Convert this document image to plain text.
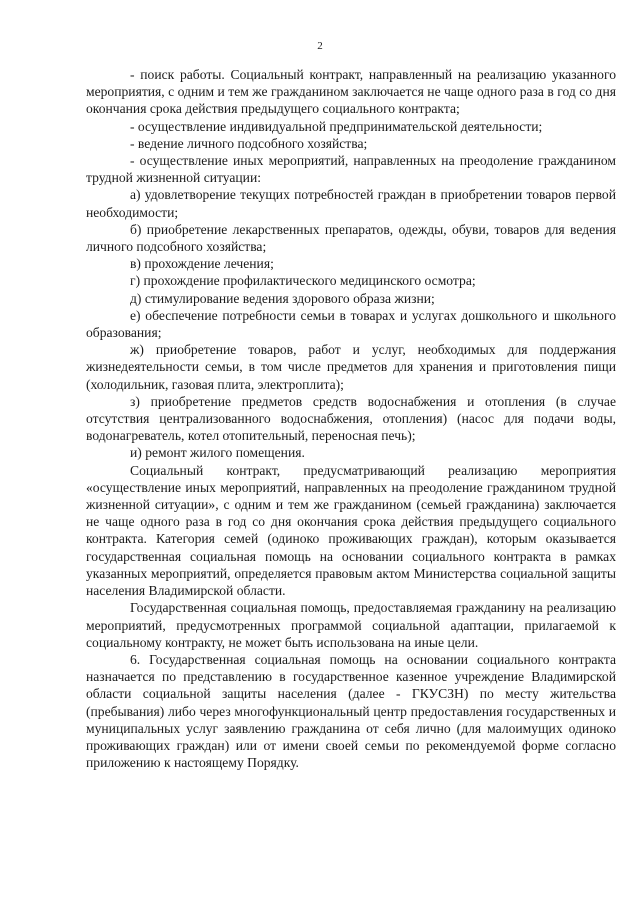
2

- поиск работы. Социальный контракт, направленный на реализацию указанного мероприятия, с одним и тем же гражданином заключается не чаще одного раза в год со дня окончания срока действия предыдущего социального контракта;

- осуществление индивидуальной предпринимательской деятельности;

- ведение личного подсобного хозяйства;

- осуществление иных мероприятий, направленных на преодоление гражданином трудной жизненной ситуации:

а) удовлетворение текущих потребностей граждан в приобретении товаров первой необходимости;

б) приобретение лекарственных препаратов, одежды, обуви, товаров для ведения личного подсобного хозяйства;

в) прохождение лечения;

г) прохождение профилактического медицинского осмотра;

д) стимулирование ведения здорового образа жизни;

е) обеспечение потребности семьи в товарах и услугах дошкольного и школьного образования;

ж) приобретение товаров, работ и услуг, необходимых для поддержания жизнедеятельности семьи, в том числе предметов для хранения и приготовления пищи (холодильник, газовая плита, электроплита);

з) приобретение предметов средств водоснабжения и отопления (в случае отсутствия централизованного водоснабжения, отопления) (насос для подачи воды, водонагреватель, котел отопительный, переносная печь);

и) ремонт жилого помещения.

Социальный контракт, предусматривающий реализацию мероприятия «осуществление иных мероприятий, направленных на преодоление гражданином трудной жизненной ситуации», с одним и тем же гражданином (семьей гражданина) заключается не чаще одного раза в год со дня окончания срока действия предыдущего социального контракта. Категория семей (одиноко проживающих граждан), которым оказывается государственная социальная помощь на основании социального контракта в рамках указанных мероприятий, определяется правовым актом Министерства социальной защиты населения Владимирской области.

Государственная социальная помощь, предоставляемая гражданину на реализацию мероприятий, предусмотренных программой социальной адаптации, прилагаемой к социальному контракту, не может быть использована на иные цели.

6. Государственная социальная помощь на основании социального контракта назначается по представлению в государственное казенное учреждение Владимирской области социальной защиты населения (далее - ГКУСЗН) по месту жительства (пребывания) либо через многофункциональный центр предоставления государственных и муниципальных услуг заявлению гражданина от себя лично (для малоимущих одиноко проживающих граждан) или от имени своей семьи по рекомендуемой форме согласно приложению к настоящему Порядку.
